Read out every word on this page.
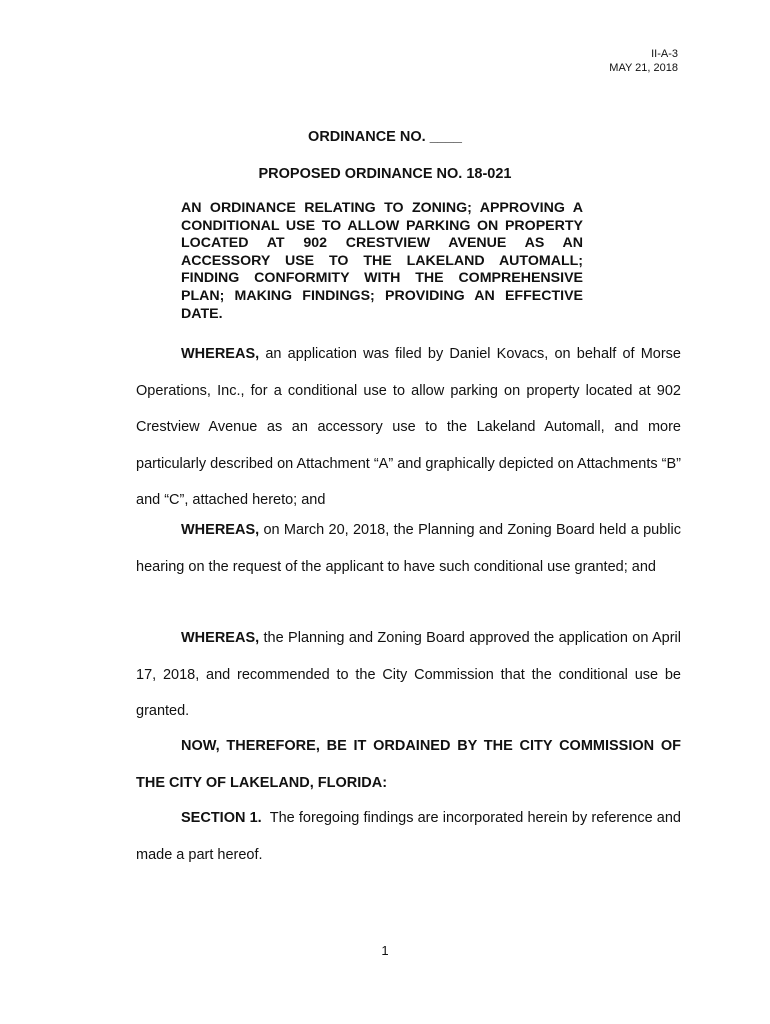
II-A-3
MAY 21, 2018
ORDINANCE NO. ____
PROPOSED ORDINANCE NO. 18-021
AN ORDINANCE RELATING TO ZONING; APPROVING A CONDITIONAL USE TO ALLOW PARKING ON PROPERTY LOCATED AT 902 CRESTVIEW AVENUE AS AN ACCESSORY USE TO THE LAKELAND AUTOMALL; FINDING CONFORMITY WITH THE COMPREHENSIVE PLAN; MAKING FINDINGS; PROVIDING AN EFFECTIVE DATE.
WHEREAS, an application was filed by Daniel Kovacs, on behalf of Morse Operations, Inc., for a conditional use to allow parking on property located at 902 Crestview Avenue as an accessory use to the Lakeland Automall, and more particularly described on Attachment “A” and graphically depicted on Attachments “B” and “C”, attached hereto; and
WHEREAS, on March 20, 2018, the Planning and Zoning Board held a public hearing on the request of the applicant to have such conditional use granted; and
WHEREAS, the Planning and Zoning Board approved the application on April 17, 2018, and recommended to the City Commission that the conditional use be granted.
NOW, THEREFORE, BE IT ORDAINED BY THE CITY COMMISSION OF THE CITY OF LAKELAND, FLORIDA:
SECTION 1.  The foregoing findings are incorporated herein by reference and made a part hereof.
1
